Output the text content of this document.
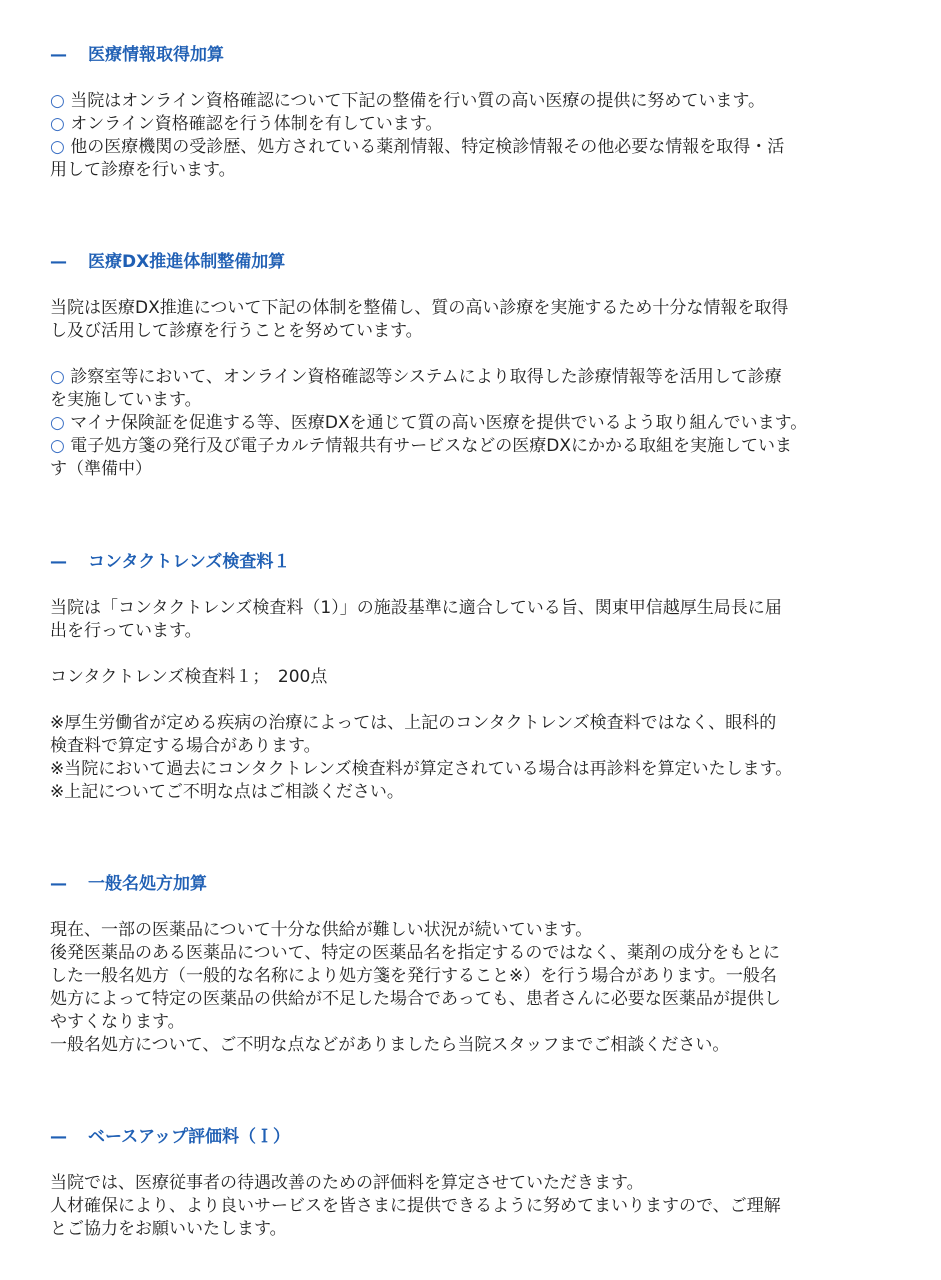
— 医療情報取得加算
○ 当院はオンライン資格確認について下記の整備を行い質の高い医療の提供に努めています。
○ オンライン資格確認を行う体制を有しています。
○ 他の医療機関の受診歴、処方されている薬剤情報、特定検診情報その他必要な情報を取得・活
用して診療を行います。
— 医療DX推進体制整備加算
当院は医療DX推進について下記の体制を整備し、質の高い診療を実施するため十分な情報を取得
し及び活用して診療を行うことを努めています。
○ 診察室等において、オンライン資格確認等システムにより取得した診療情報等を活用して診療
を実施しています。
○ マイナ保険証を促進する等、医療DXを通じて質の高い医療を提供でいるよう取り組んでいます。
○ 電子処方箋の発行及び電子カルテ情報共有サービスなどの医療DXにかかる取組を実施していま
す（準備中）
— コンタクトレンズ検査料１
当院は「コンタクトレンズ検査料（1）」の施設基準に適合している旨、関東甲信越厚生局長に届
出を行っています。
コンタクトレンズ検査料１；　200点
※厚生労働省が定める疾病の治療によっては、上記のコンタクトレンズ検査料ではなく、眼科的
検査料で算定する場合があります。
※当院において過去にコンタクトレンズ検査料が算定されている場合は再診料を算定いたします。
※上記についてご不明な点はご相談ください。
— 一般名処方加算
現在、一部の医薬品について十分な供給が難しい状況が続いています。
後発医薬品のある医薬品について、特定の医薬品名を指定するのではなく、薬剤の成分をもとに
した一般名処方（一般的な名称により処方箋を発行すること※）を行う場合があります。一般名
処方によって特定の医薬品の供給が不足した場合であっても、患者さんに必要な医薬品が提供し
やすくなります。
一般名処方について、ご不明な点などがありましたら当院スタッフまでご相談ください。
— ベースアップ評価料（Ｉ）
当院では、医療従事者の待遇改善のための評価料を算定させていただきます。
人材確保により、より良いサービスを皆さまに提供できるように努めてまいりますので、ご理解
とご協力をお願いいたします。
